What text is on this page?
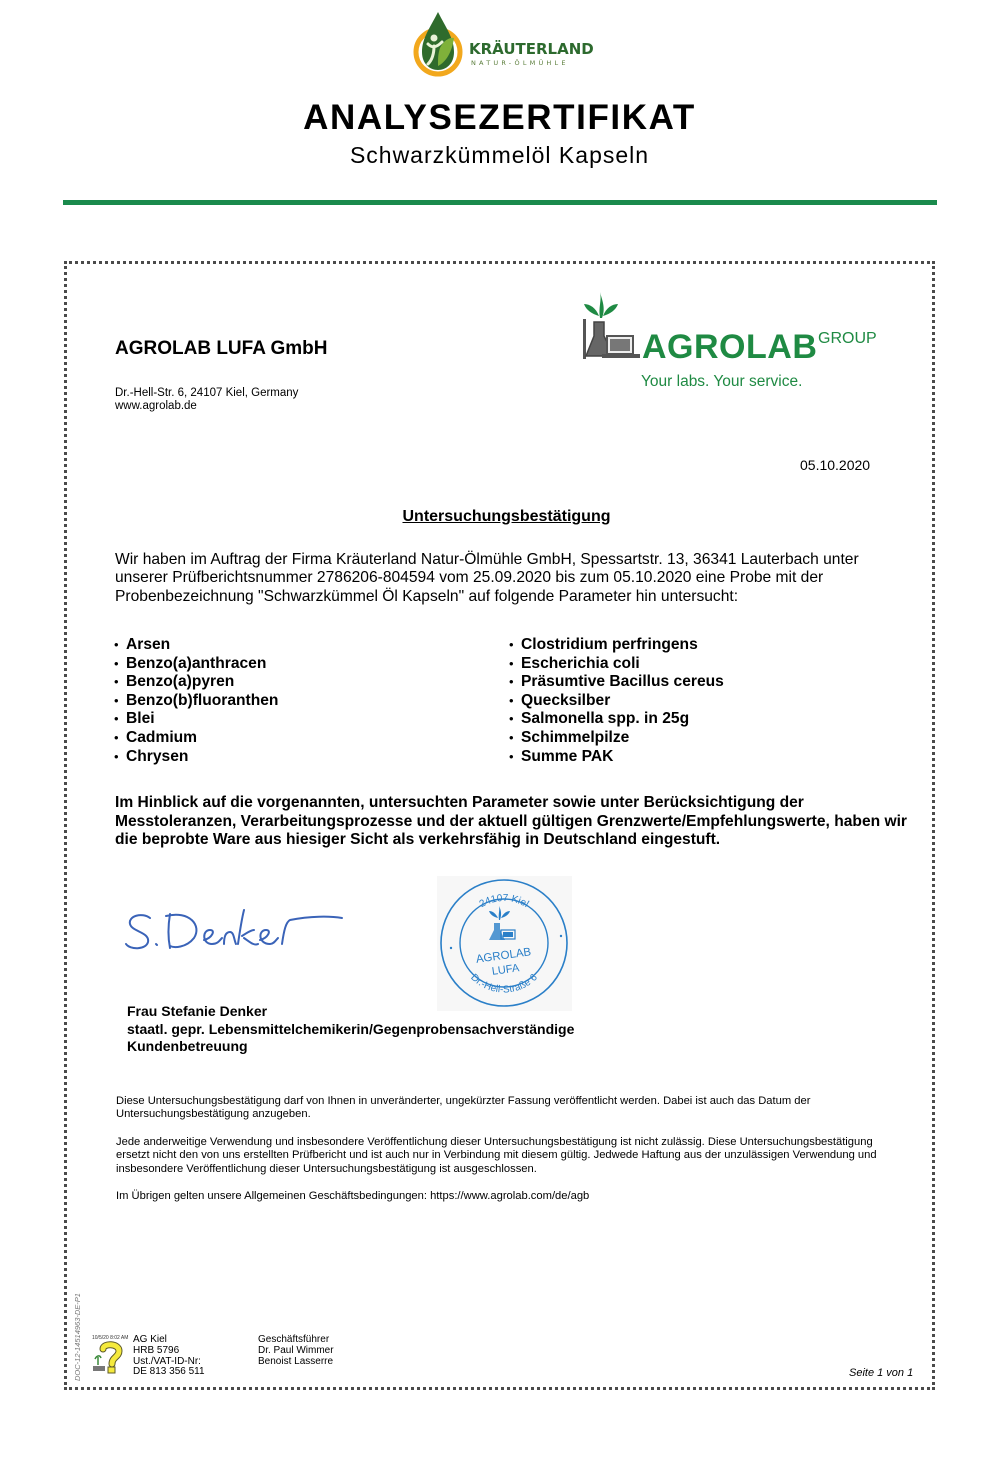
KRÄUTERLAND
NATUR-ÖLMÜHLE
ANALYSEZERTIFIKAT
Schwarzkümmelöl Kapseln
AGROLAB LUFA GmbH
Dr.-Hell-Str. 6, 24107 Kiel, Germany
www.agrolab.de
AGROLAB GROUP
Your labs. Your service.
05.10.2020
Untersuchungsbestätigung
Wir haben im Auftrag der Firma Kräuterland Natur-Ölmühle GmbH, Spessartstr. 13, 36341 Lauterbach unter unserer Prüfberichtsnummer 2786206-804594 vom 25.09.2020 bis zum 05.10.2020 eine Probe mit der Probenbezeichnung "Schwarzkümmel Öl Kapseln" auf folgende Parameter hin untersucht:
• Arsen
• Benzo(a)anthracen
• Benzo(a)pyren
• Benzo(b)fluoranthen
• Blei
• Cadmium
• Chrysen
• Clostridium perfringens
• Escherichia coli
• Präsumtive Bacillus cereus
• Quecksilber
• Salmonella spp. in 25g
• Schimmelpilze
• Summe PAK
Im Hinblick auf die vorgenannten, untersuchten Parameter sowie unter Berücksichtigung der Messtoleranzen, Verarbeitungsprozesse und der aktuell gültigen Grenzwerte/Empfehlungswerte, haben wir die beprobte Ware aus hiesiger Sicht als verkehrsfähig in Deutschland eingestuft.
24107 Kiel
Dr.-Hell-Straße 6
AGROLAB
LUFA
Frau Stefanie Denker
staatl. gepr. Lebensmittelchemikerin/Gegenprobensachverständige
Kundenbetreuung
Diese Untersuchungsbestätigung darf von Ihnen in unveränderter, ungekürzter Fassung veröffentlicht werden. Dabei ist auch das Datum der Untersuchungsbestätigung anzugeben.
Jede anderweitige Verwendung und insbesondere Veröffentlichung dieser Untersuchungsbestätigung ist nicht zulässig. Diese Untersuchungsbestätigung ersetzt nicht den von uns erstellten Prüfbericht und ist auch nur in Verbindung mit diesem gültig. Jedwede Haftung aus der unzulässigen Verwendung und insbesondere Veröffentlichung dieser Untersuchungsbestätigung ist ausgeschlossen.
Im Übrigen gelten unsere Allgemeinen Geschäftsbedingungen: https://www.agrolab.com/de/agb
DOC-12-14514963-DE-P1 10/5/20 8:02 AM AG Kiel
HRB 5796
Ust./VAT-ID-Nr:
DE 813 356 511
Geschäftsführer
Dr. Paul Wimmer
Benoist Lasserre
Seite 1 von 1
